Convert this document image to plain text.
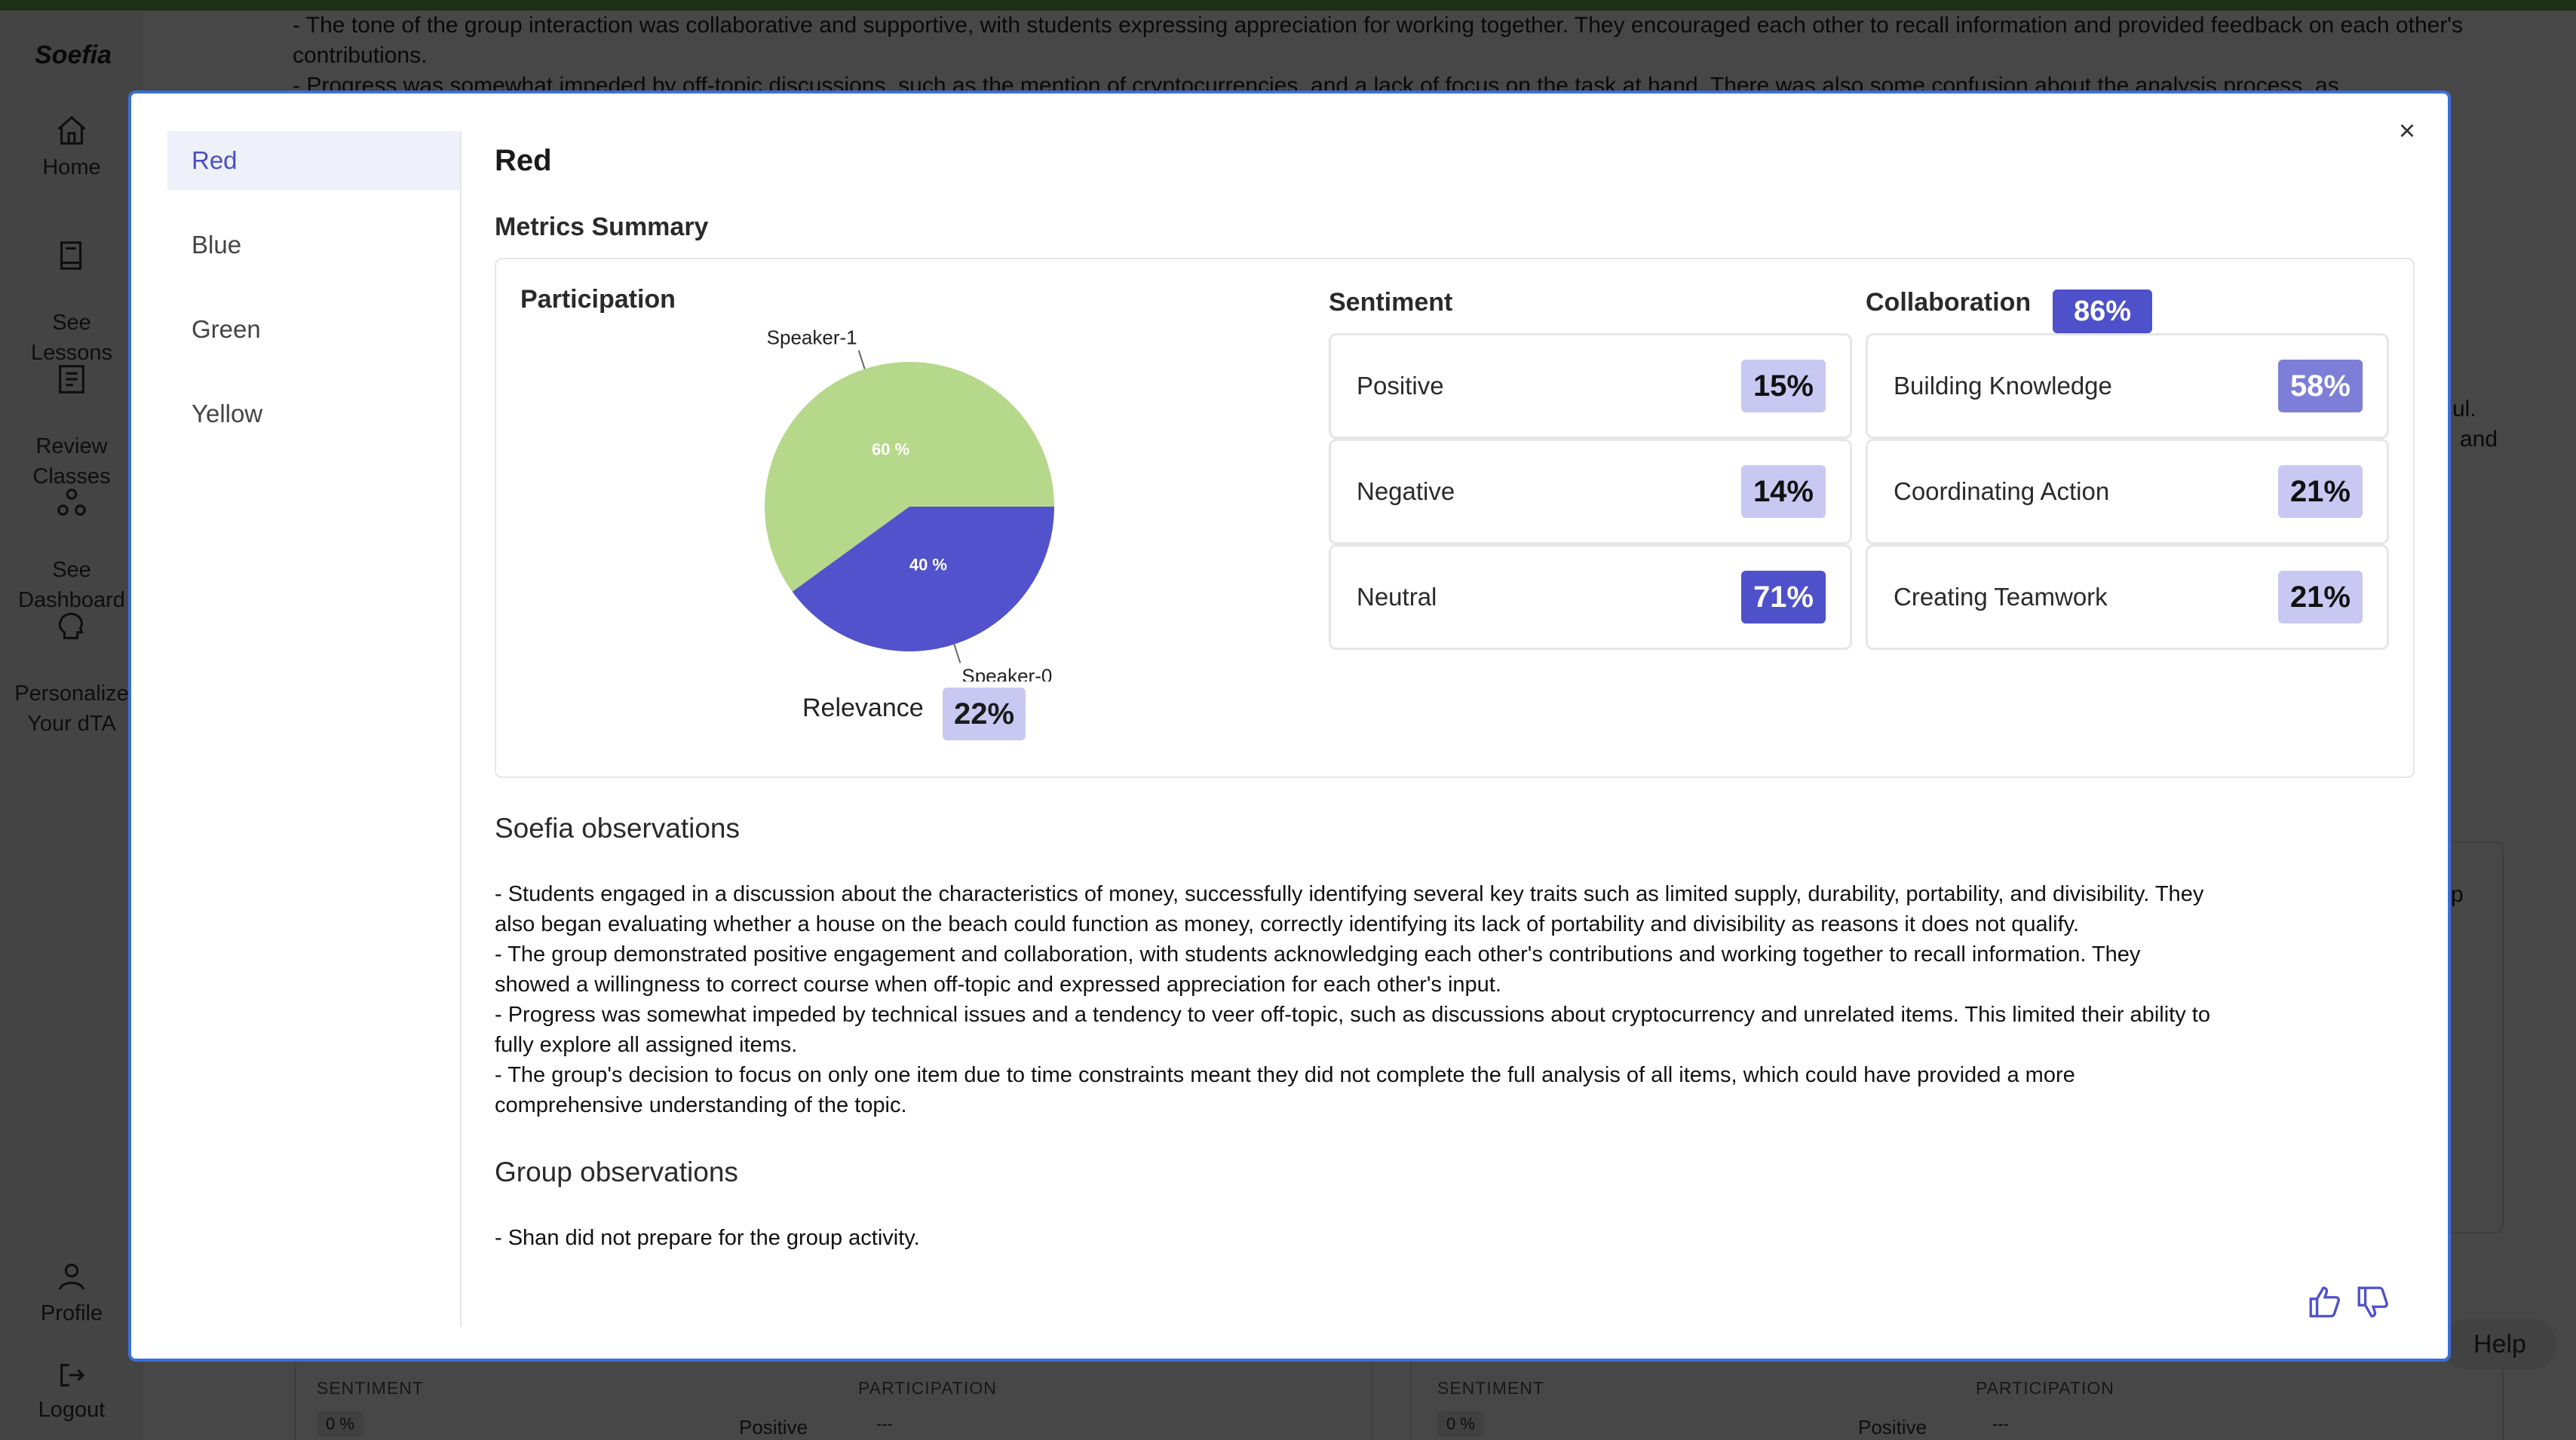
×
Red
Blue
Green
Yellow
Red
Metrics Summary
Participation
60 %
Speaker-1
40 %
Speaker-0
Relevance	22%
Sentiment	Collaboration	86%
Positive	15%
Negative	14%
Neutral	71%
Building Knowledge	58%
Coordinating Action	21%
Creating Teamwork	21%
Soefia observations
- Students engaged in a discussion about the characteristics of money, successfully identifying several key traits such as limited supply, durability, portability, and divisibility. They
also began evaluating whether a house on the beach could function as money, correctly identifying its lack of portability and divisibility as reasons it does not qualify.
- The group demonstrated positive engagement and collaboration, with students acknowledging each other's contributions and working together to recall information. They
showed a willingness to correct course when off-topic and expressed appreciation for each other's input.
- Progress was somewhat impeded by technical issues and a tendency to veer off-topic, such as discussions about cryptocurrency and unrelated items. This limited their ability to
fully explore all assigned items.
- The group's decision to focus on only one item due to time constraints meant they did not complete the full analysis of all items, which could have provided a more
comprehensive understanding of the topic.
Group observations
- Shan did not prepare for the group activity.
